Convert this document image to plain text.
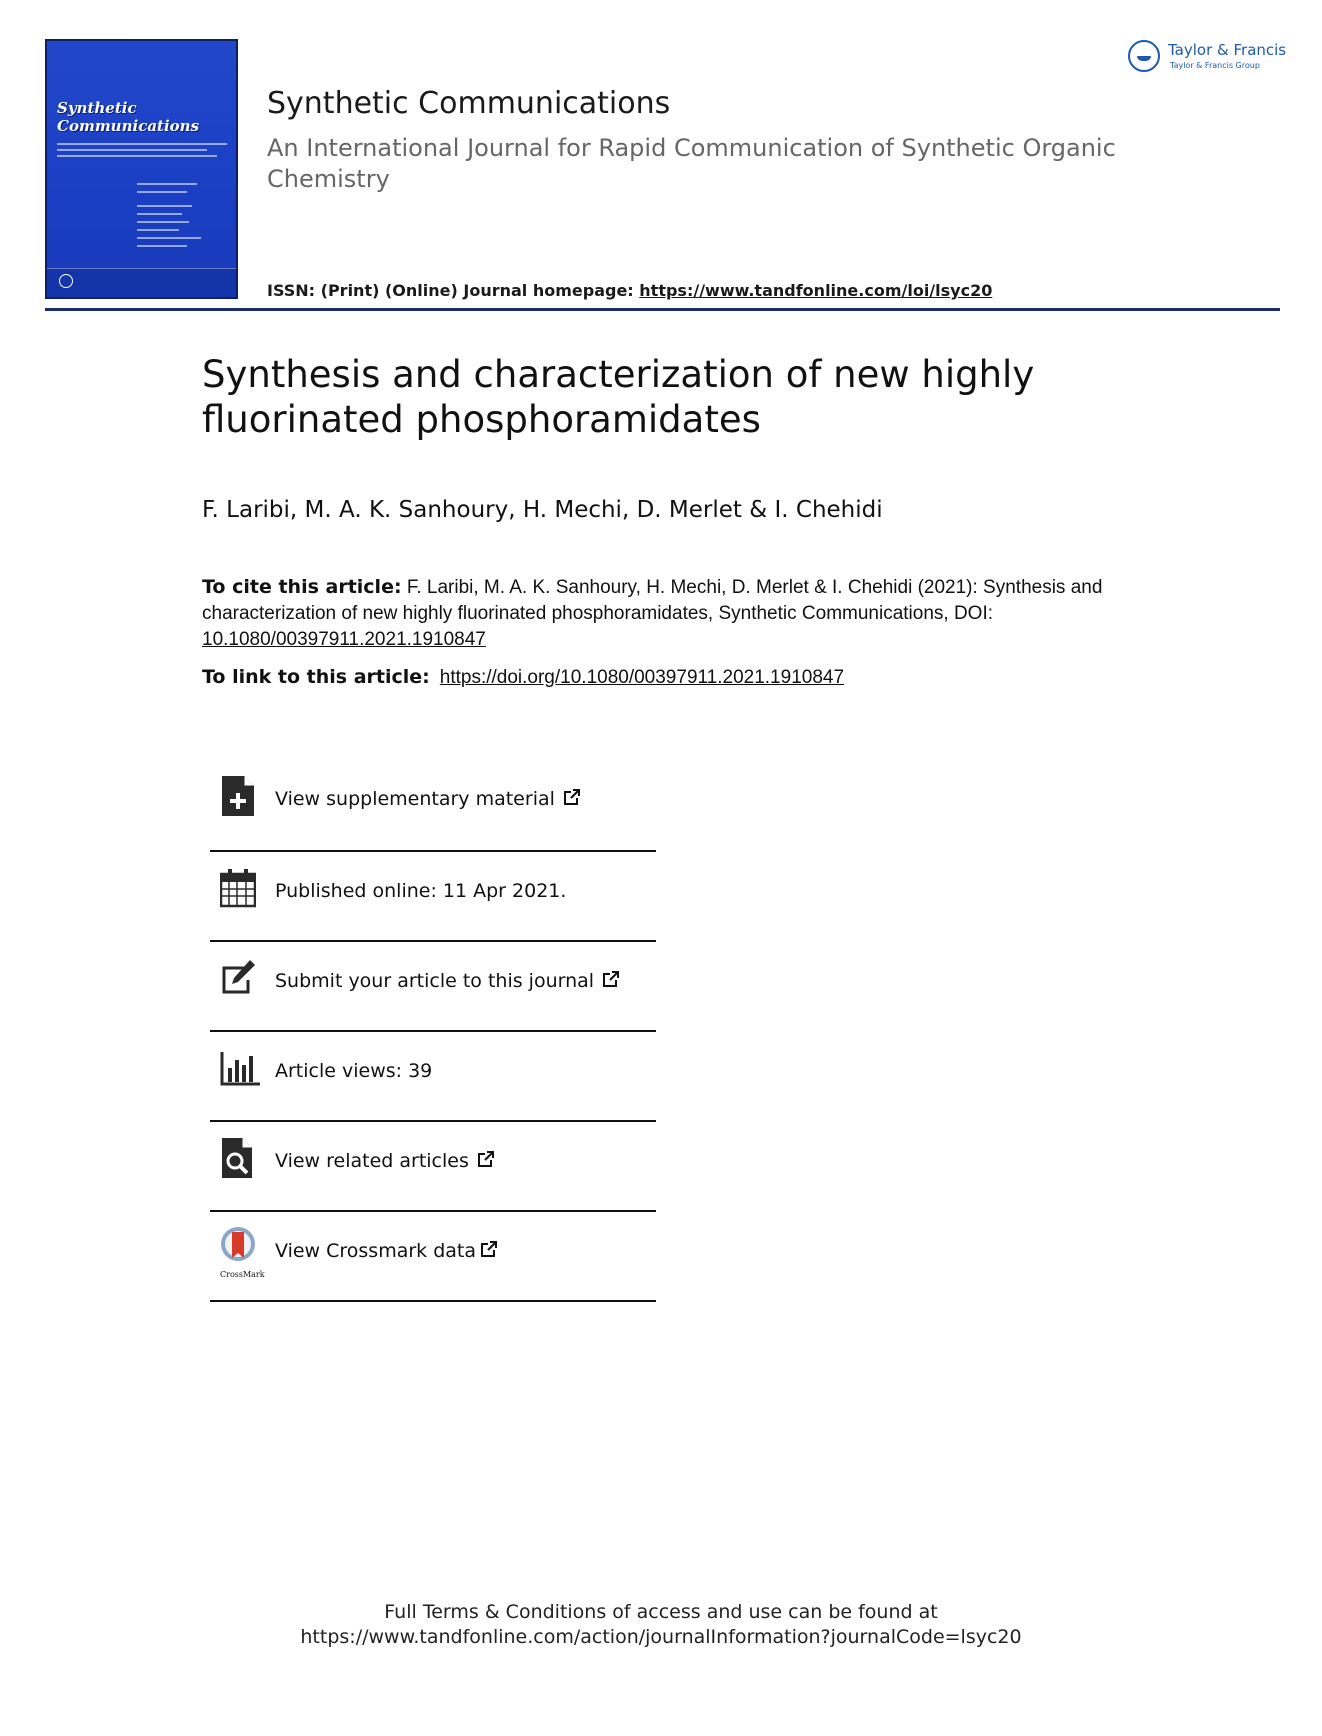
Synthetic
Communications
Synthetic Communications
An International Journal for Rapid Communication of Synthetic Organic Chemistry
ISSN: (Print) (Online) Journal homepage: https://www.tandfonline.com/loi/lsyc20
Taylor & Francis
Taylor & Francis Group
Synthesis and characterization of new highly fluorinated phosphoramidates
F. Laribi, M. A. K. Sanhoury, H. Mechi, D. Merlet & I. Chehidi
To cite this article: F. Laribi, M. A. K. Sanhoury, H. Mechi, D. Merlet & I. Chehidi (2021): Synthesis and characterization of new highly fluorinated phosphoramidates, Synthetic Communications, DOI: 10.1080/00397911.2021.1910847
To link to this article: https://doi.org/10.1080/00397911.2021.1910847
View supplementary material
Published online: 11 Apr 2021.
Submit your article to this journal
Article views: 39
View related articles
CrossMark
View Crossmark data
Full Terms & Conditions of access and use can be found at
https://www.tandfonline.com/action/journalInformation?journalCode=lsyc20
